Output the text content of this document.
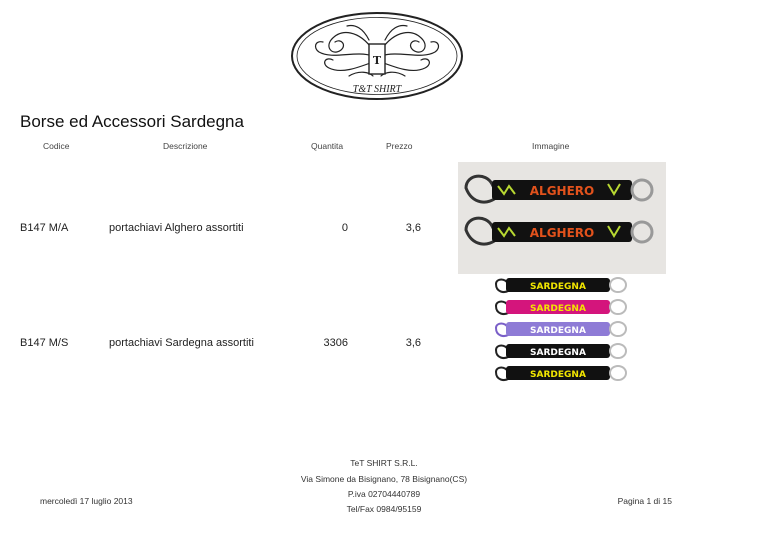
T
T&T SHIRT
Borse ed Accessori Sardegna
Codice	Descrizione	Quantita	Prezzo	Immagine
B147 M/A	portachiavi Alghero assortiti	0	3,6
ALGHERO
ALGHERO
B147 M/S	portachiavi Sardegna assortiti	3306	3,6
SARDEGNA
SARDEGNA
SARDEGNA
SARDEGNA
SARDEGNA
TeT SHIRT S.R.L.
Via Simone da Bisignano, 78 Bisignano(CS)
P.iva 02704440789
Tel/Fax 0984/95159
mercoledì 17 luglio 2013	Pagina 1 di 15
